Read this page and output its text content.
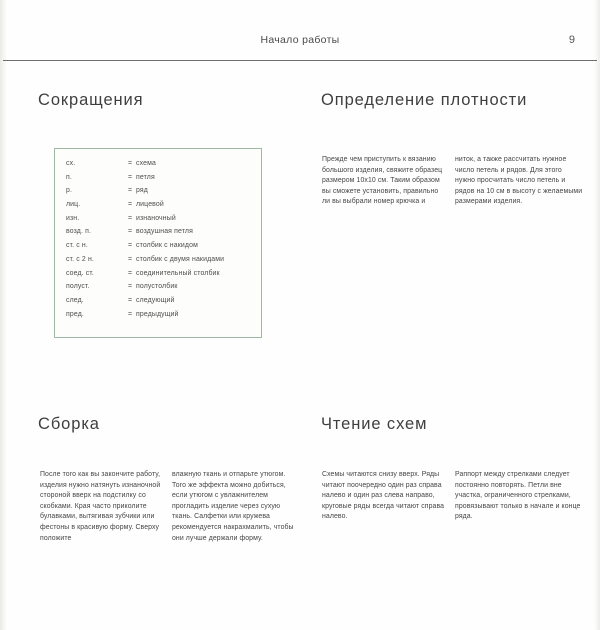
Начало работы	9
Сокращения
сх.	= схема
п.	= петля
р.	= ряд
лиц.	= лицевой
изн.	= изнаночный
возд. п.	= воздушная петля
ст. с н.	= столбик с накидом
ст. с 2 н.	= столбик с двумя накидами
соед. ст.	= соединительный столбик
полуст.	= полустолбик
след.	= следующий
пред.	= предыдущий
Определение плотности
Прежде чем приступить к вязанию большого изделия, свяжите образец размером 10х10 см. Таким образом вы сможете установить, правильно ли вы выбрали номер крючка и
ниток, а также рассчитать нужное число петель и рядов. Для этого нужно просчитать число петель и рядов на 10 см в высоту с желаемыми размерами изделия.
Сборка
После того как вы закончите работу, изделия нужно натянуть изнаночной стороной вверх на подстилку со скобками. Края часто приколите булавками, вытягивая зубчики или фестоны в красивую форму. Сверху положите
влажную ткань и отпарьте утюгом. Того же эффекта можно добиться, если утюгом с увлажнителем прогладить изделие через сухую ткань. Салфетки или кружева рекомендуется накрахмалить, чтобы они лучше держали форму.
Чтение схем
Схемы читаются снизу вверх. Ряды читают поочередно один раз справа налево и один раз слева направо, круговые ряды всегда читают справа налево.
Раппорт между стрелками следует постоянно повторять. Петли вне участка, ограниченного стрелками, провязывают только в начале и конце ряда.
